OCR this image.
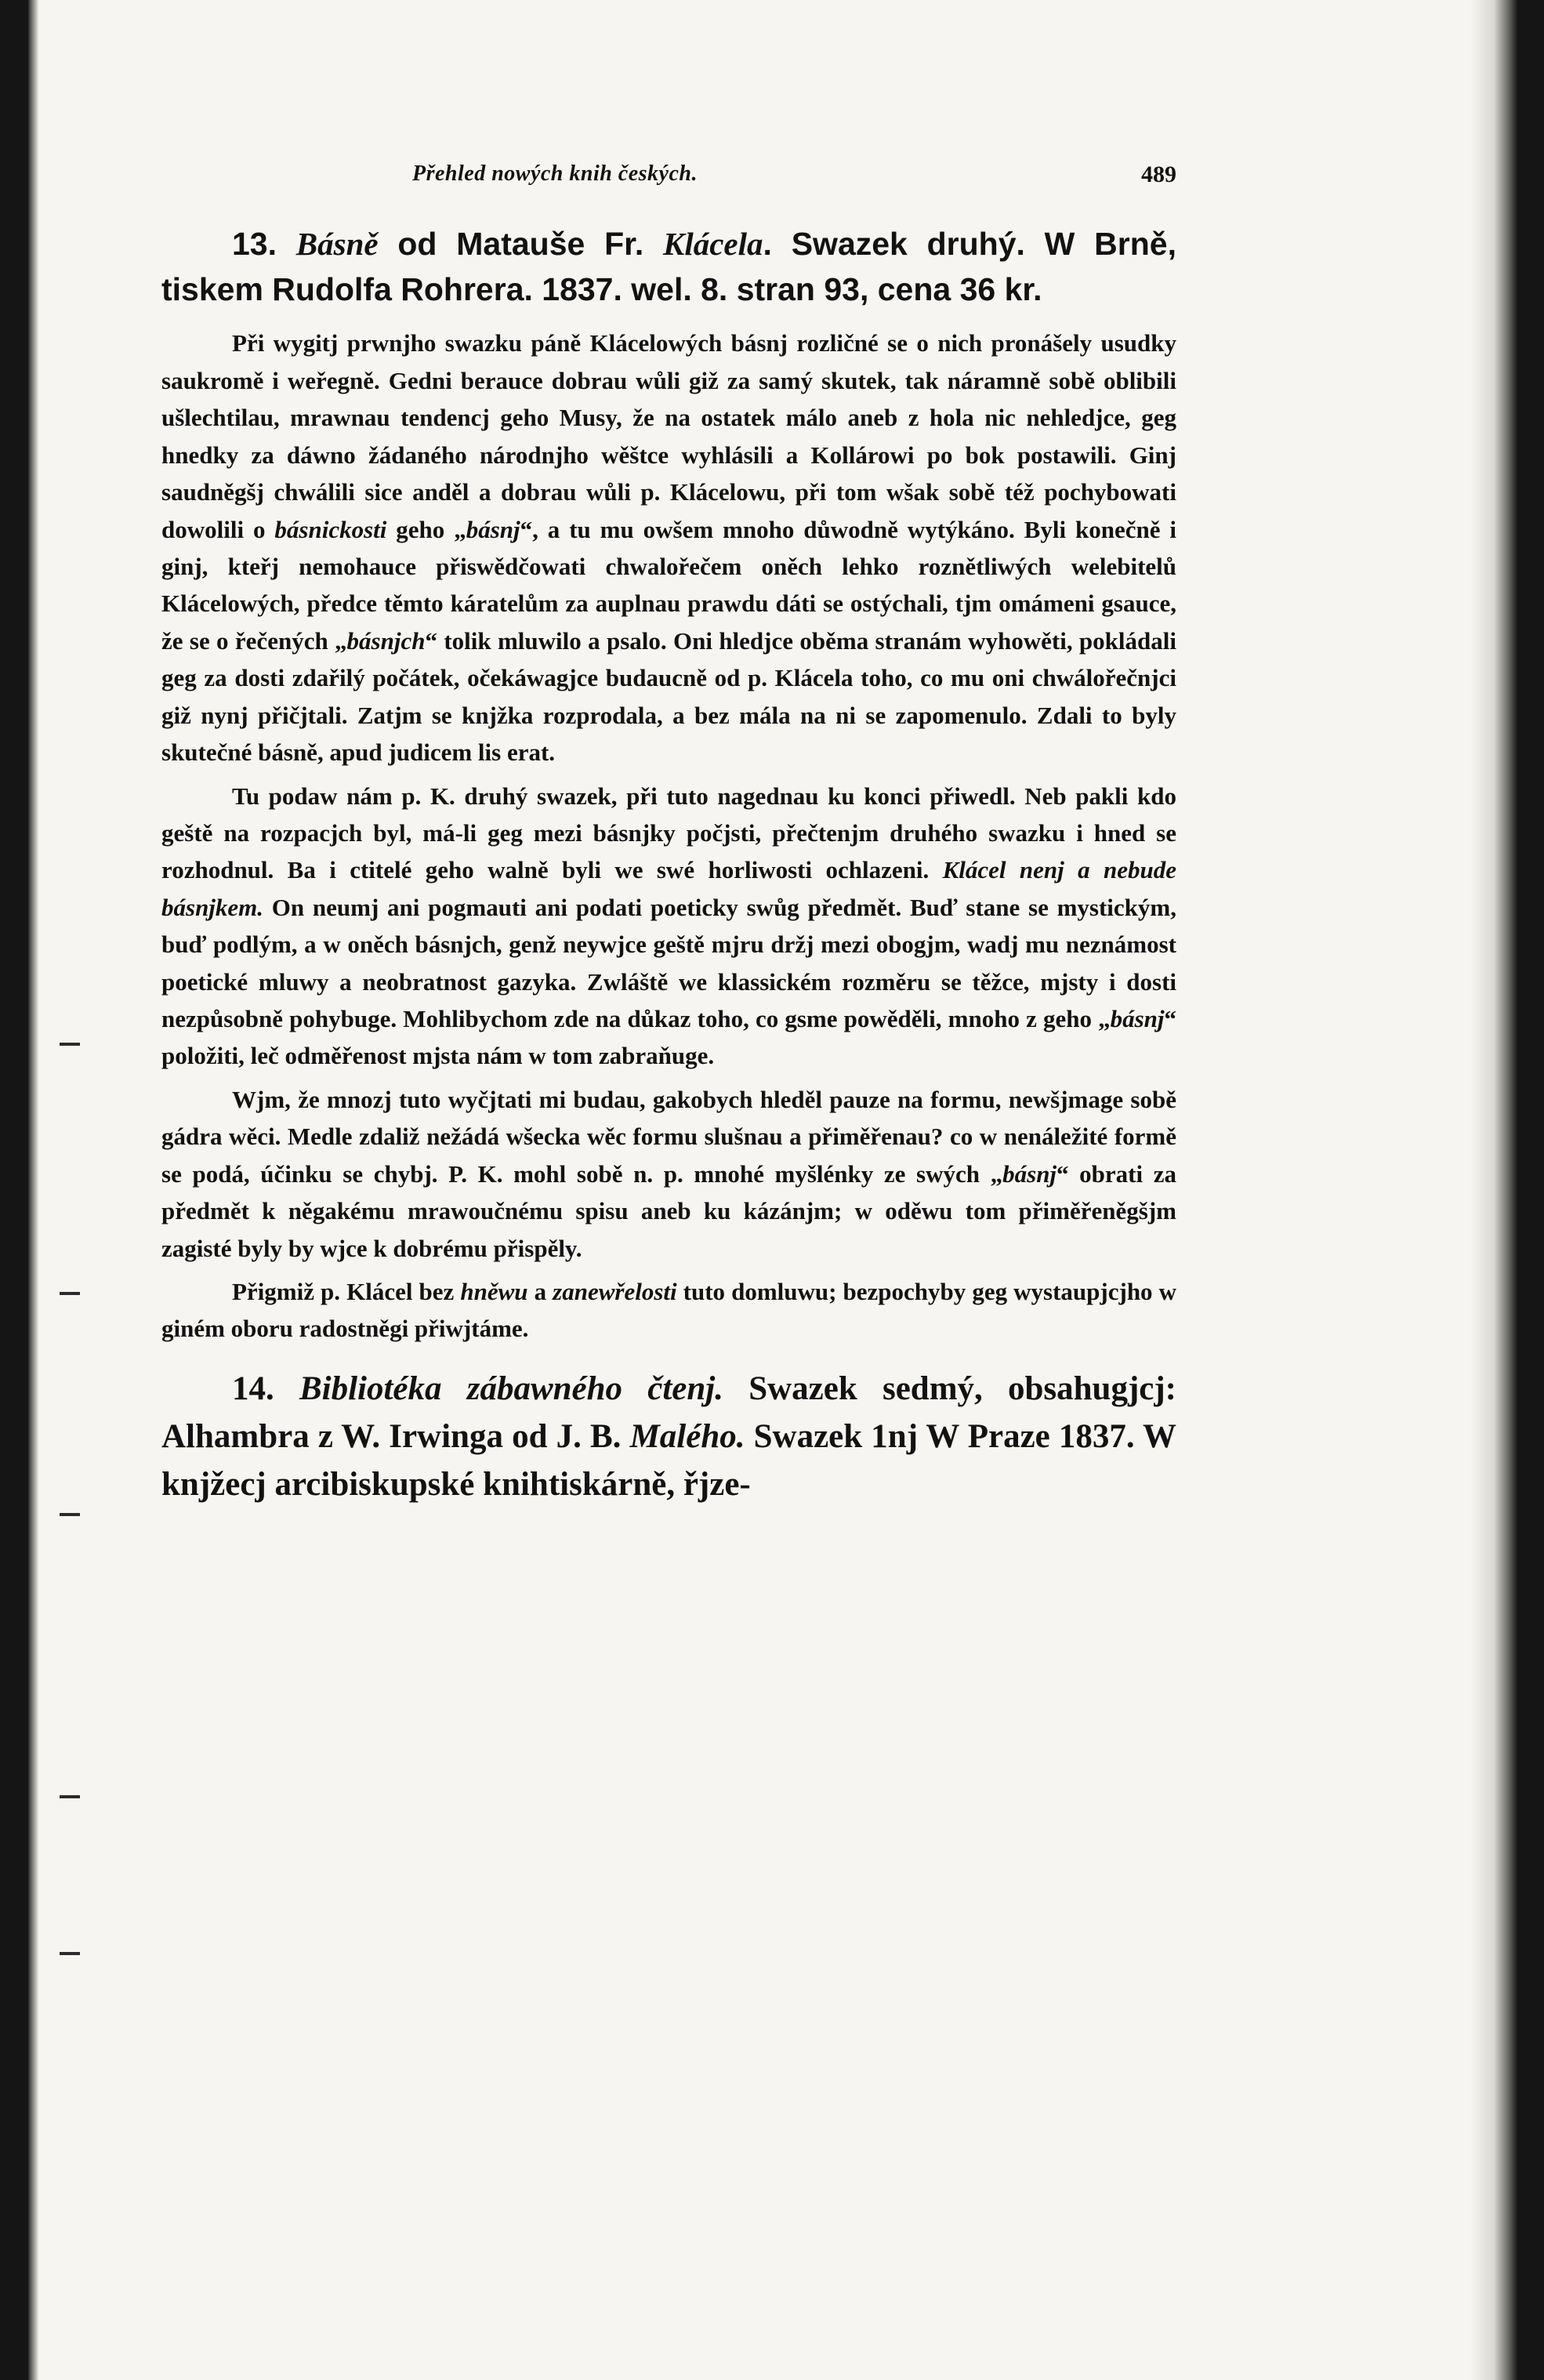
Přehled nowých knih českých.	489

13. Básně od Matauše Fr. Klácela. Swazek druhý. W Brně, tiskem Rudolfa Rohrera. 1837. wel. 8. stran 93, cena 36 kr.

Při wygitj prwnjho swazku páně Klácelowých básnj rozličné se o nich pronášely usudky saukromě i weřegně. Gedni berauce dobrau wůli giž za samý skutek, tak náramně sobě oblibili ušlechtilau, mrawnau tendencj geho Musy, že na ostatek málo aneb z hola nic nehledjce, geg hnedky za dáwno žádaného národnjho wěštce wyhlásili a Kollárowi po bok postawili. Ginj saudněgšj chwálili sice anděl a dobrau wůli p. Klácelowu, při tom wšak sobě též pochybowati dowolili o básnickosti geho „básnj“, a tu mu owšem mnoho důwodně wytýkáno. Byli konečně i ginj, kteřj nemohauce přiswědčowati chwalořečem oněch lehko roznětliwých welebitelů Klácelowých, předce těmto káratelům za auplnau prawdu dáti se ostýchali, tjm omámeni gsauce, že se o řečených „básnjch“ tolik mluwilo a psalo. Oni hledjce oběma stranám wyhowěti, pokládali geg za dosti zdařilý počátek, očekáwagjce budaucně od p. Klácela toho, co mu oni chwálořečnjci giž nynj přičjtali. Zatjm se knjžka rozprodala, a bez mála na ni se zapomenulo. Zdali to byly skutečné básně, apud judicem lis erat.

Tu podaw nám p. K. druhý swazek, při tuto nagednau ku konci přiwedl. Neb pakli kdo geště na rozpacjch byl, má-li geg mezi básnjky počjsti, přečtenjm druhého swazku i hned se rozhodnul. Ba i ctitelé geho walně byli we swé horliwosti ochlazeni. Klácel nenj a nebude básnjkem. On neumj ani pogmauti ani podati poeticky swůg předmět. Buď stane se mystickým, buď podlým, a w oněch básnjch, genž neywjce geště mjru držj mezi obogjm, wadj mu neznámost poetické mluwy a neobratnost gazyka. Zwláště we klassickém rozměru se těžce, mjsty i dosti nezpůsobně pohybuge. Mohlibychom zde na důkaz toho, co gsme powěděli, mnoho z geho „básnj“ položiti, leč odměřenost mjsta nám w tom zabraňuge.

Wjm, že mnozj tuto wyčjtati mi budau, gakobych hleděl pauze na formu, newšjmage sobě gádra wěci. Medle zdaliž nežádá wšecka wěc formu slušnau a přiměřenau? co w nenáležité formě se podá, účinku se chybj. P. K. mohl sobě n. p. mnohé myšlénky ze swých „básnj“ obrati za předmět k něgakému mrawoučnému spisu aneb ku kázánjm; w oděwu tom přiměřeněgšjm zagisté byly by wjce k dobrému přispěly.

Přigmiž p. Klácel bez hněwu a zanewřelosti tuto domluwu; bezpochyby geg wystaupjcjho w giném oboru radostněgi přiwjtáme.

14. Bibliotéka zábawného čtenj. Swazek sedmý, obsahugjcj: Alhambra z W. Irwinga od J. B. Malého. Swazek 1nj W Praze 1837. W knjžecj arcibiskupské knihtiskárně, řjze-
